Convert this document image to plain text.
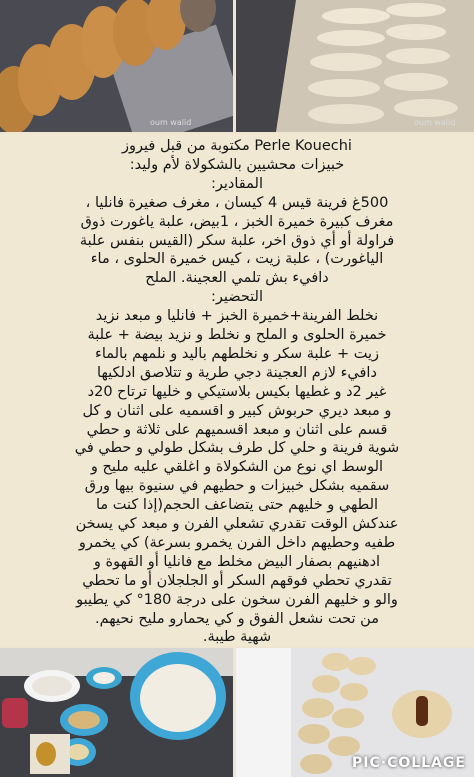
oum walid	oum walid
Perle Kouechi مكتوبة من قبل فيروز
خبيزات محشيين بالشكولاة لأم وليد:
المقادير:
500غ فرينة قيس 4 كيسان ، مغرف صغيرة فانليا ،
مغرف كبيرة خميرة الخبز ، 1بيض، علبة ياغورت ذوق
فراولة أو أي ذوق اخر، علبة سكر (القيس بنفس علبة
الياغورت) ، علبة زيت ، كيس خميرة الحلوى ، ماء
دافيء بش تلمي العجينة. الملح
التحضير:
نخلط الفرينة+خميرة الخبز + فانليا و مبعد نزيد
خميرة الحلوى و الملح و نخلط و نزيد بيضة + علبة
زيت + علبة سكر و نخلطهم باليد و نلمهم بالماء
دافيء لازم العجينة دجي طرية و تتلاصق ادلكيها
غير 2د و غطيها بكيس بلاستيكي و خليها ترتاح 20د
و مبعد ديري حربوش كبير و اقسميه على اثنان و كل
قسم على اثنان و مبعد اقسميهم على ثلاثة و حطي
شوية فرينة و حلي كل طرف بشكل طولي و حطي في
الوسط اي نوع من الشكولاة و اغلقي عليه مليح و
سقميه بشكل خبيزات و حطيهم في سنيوة بيها ورق
الطهي و خليهم حتى يتضاعف الحجم(إذا كنت ما
عندكش الوقت تقدري تشعلي الفرن و مبعد كي يسخن
طفيه وحطيهم داخل الفرن يخمرو بسرعة) كي يخمرو
ادهنيهم بصفار البيض مخلط مع فانليا أو القهوة و
تقدري تحطي فوقهم السكر أو الجلجلان أو ما تحطي
والو و خليهم الفرن سخون على درجة 180° كي يطيبو
من تحت نشعل الفوق و كي يحمارو مليح نحيهم.
شهية طيبة.
PIC·COLLAGE
